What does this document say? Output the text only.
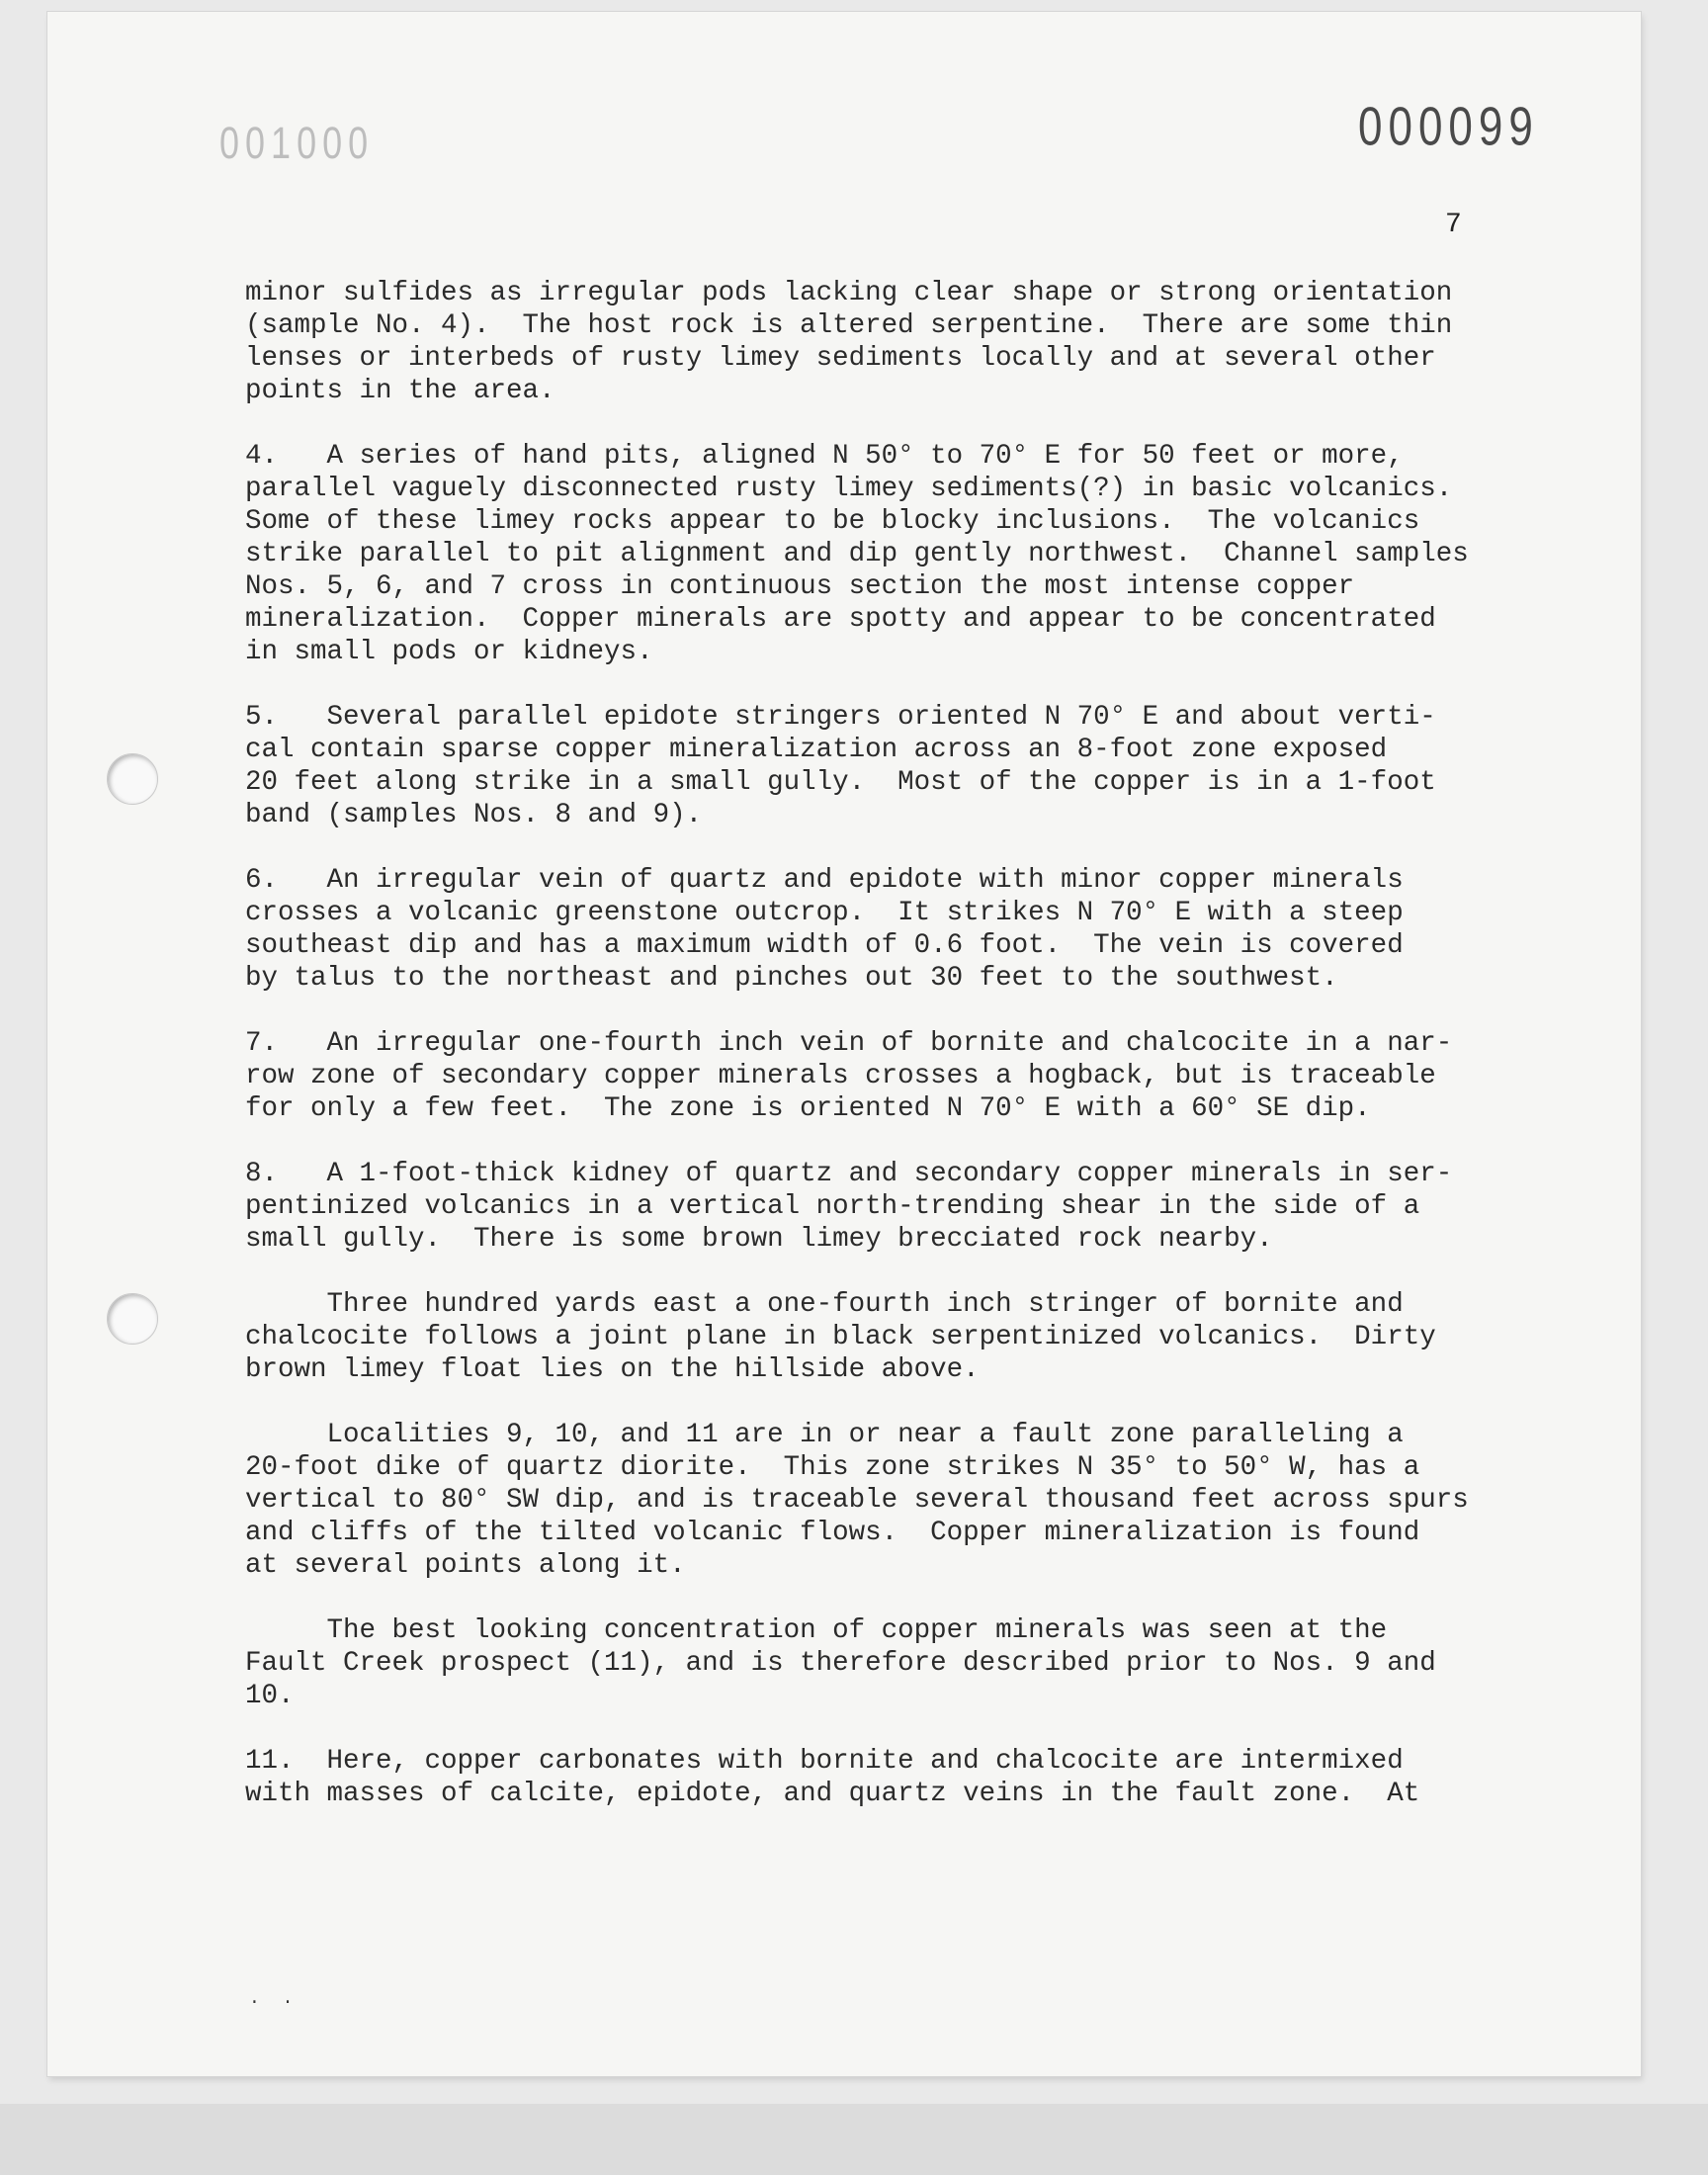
001000	000099
7

minor sulfides as irregular pods lacking clear shape or strong orientation
(sample No. 4).  The host rock is altered serpentine.  There are some thin
lenses or interbeds of rusty limey sediments locally and at several other
points in the area.

4.   A series of hand pits, aligned N 50° to 70° E for 50 feet or more,
parallel vaguely disconnected rusty limey sediments(?) in basic volcanics.
Some of these limey rocks appear to be blocky inclusions.  The volcanics
strike parallel to pit alignment and dip gently northwest.  Channel samples
Nos. 5, 6, and 7 cross in continuous section the most intense copper
mineralization.  Copper minerals are spotty and appear to be concentrated
in small pods or kidneys.

5.   Several parallel epidote stringers oriented N 70° E and about verti-
cal contain sparse copper mineralization across an 8-foot zone exposed
20 feet along strike in a small gully.  Most of the copper is in a 1-foot
band (samples Nos. 8 and 9).

6.   An irregular vein of quartz and epidote with minor copper minerals
crosses a volcanic greenstone outcrop.  It strikes N 70° E with a steep
southeast dip and has a maximum width of 0.6 foot.  The vein is covered
by talus to the northeast and pinches out 30 feet to the southwest.

7.   An irregular one-fourth inch vein of bornite and chalcocite in a nar-
row zone of secondary copper minerals crosses a hogback, but is traceable
for only a few feet.  The zone is oriented N 70° E with a 60° SE dip.

8.   A 1-foot-thick kidney of quartz and secondary copper minerals in ser-
pentinized volcanics in a vertical north-trending shear in the side of a
small gully.  There is some brown limey brecciated rock nearby.

Three hundred yards east a one-fourth inch stringer of bornite and
chalcocite follows a joint plane in black serpentinized volcanics.  Dirty
brown limey float lies on the hillside above.

Localities 9, 10, and 11 are in or near a fault zone paralleling a
20-foot dike of quartz diorite.  This zone strikes N 35° to 50° W, has a
vertical to 80° SW dip, and is traceable several thousand feet across spurs
and cliffs of the tilted volcanic flows.  Copper mineralization is found
at several points along it.

The best looking concentration of copper minerals was seen at the
Fault Creek prospect (11), and is therefore described prior to Nos. 9 and
10.

11.  Here, copper carbonates with bornite and chalcocite are intermixed
with masses of calcite, epidote, and quartz veins in the fault zone.  At

· ·
